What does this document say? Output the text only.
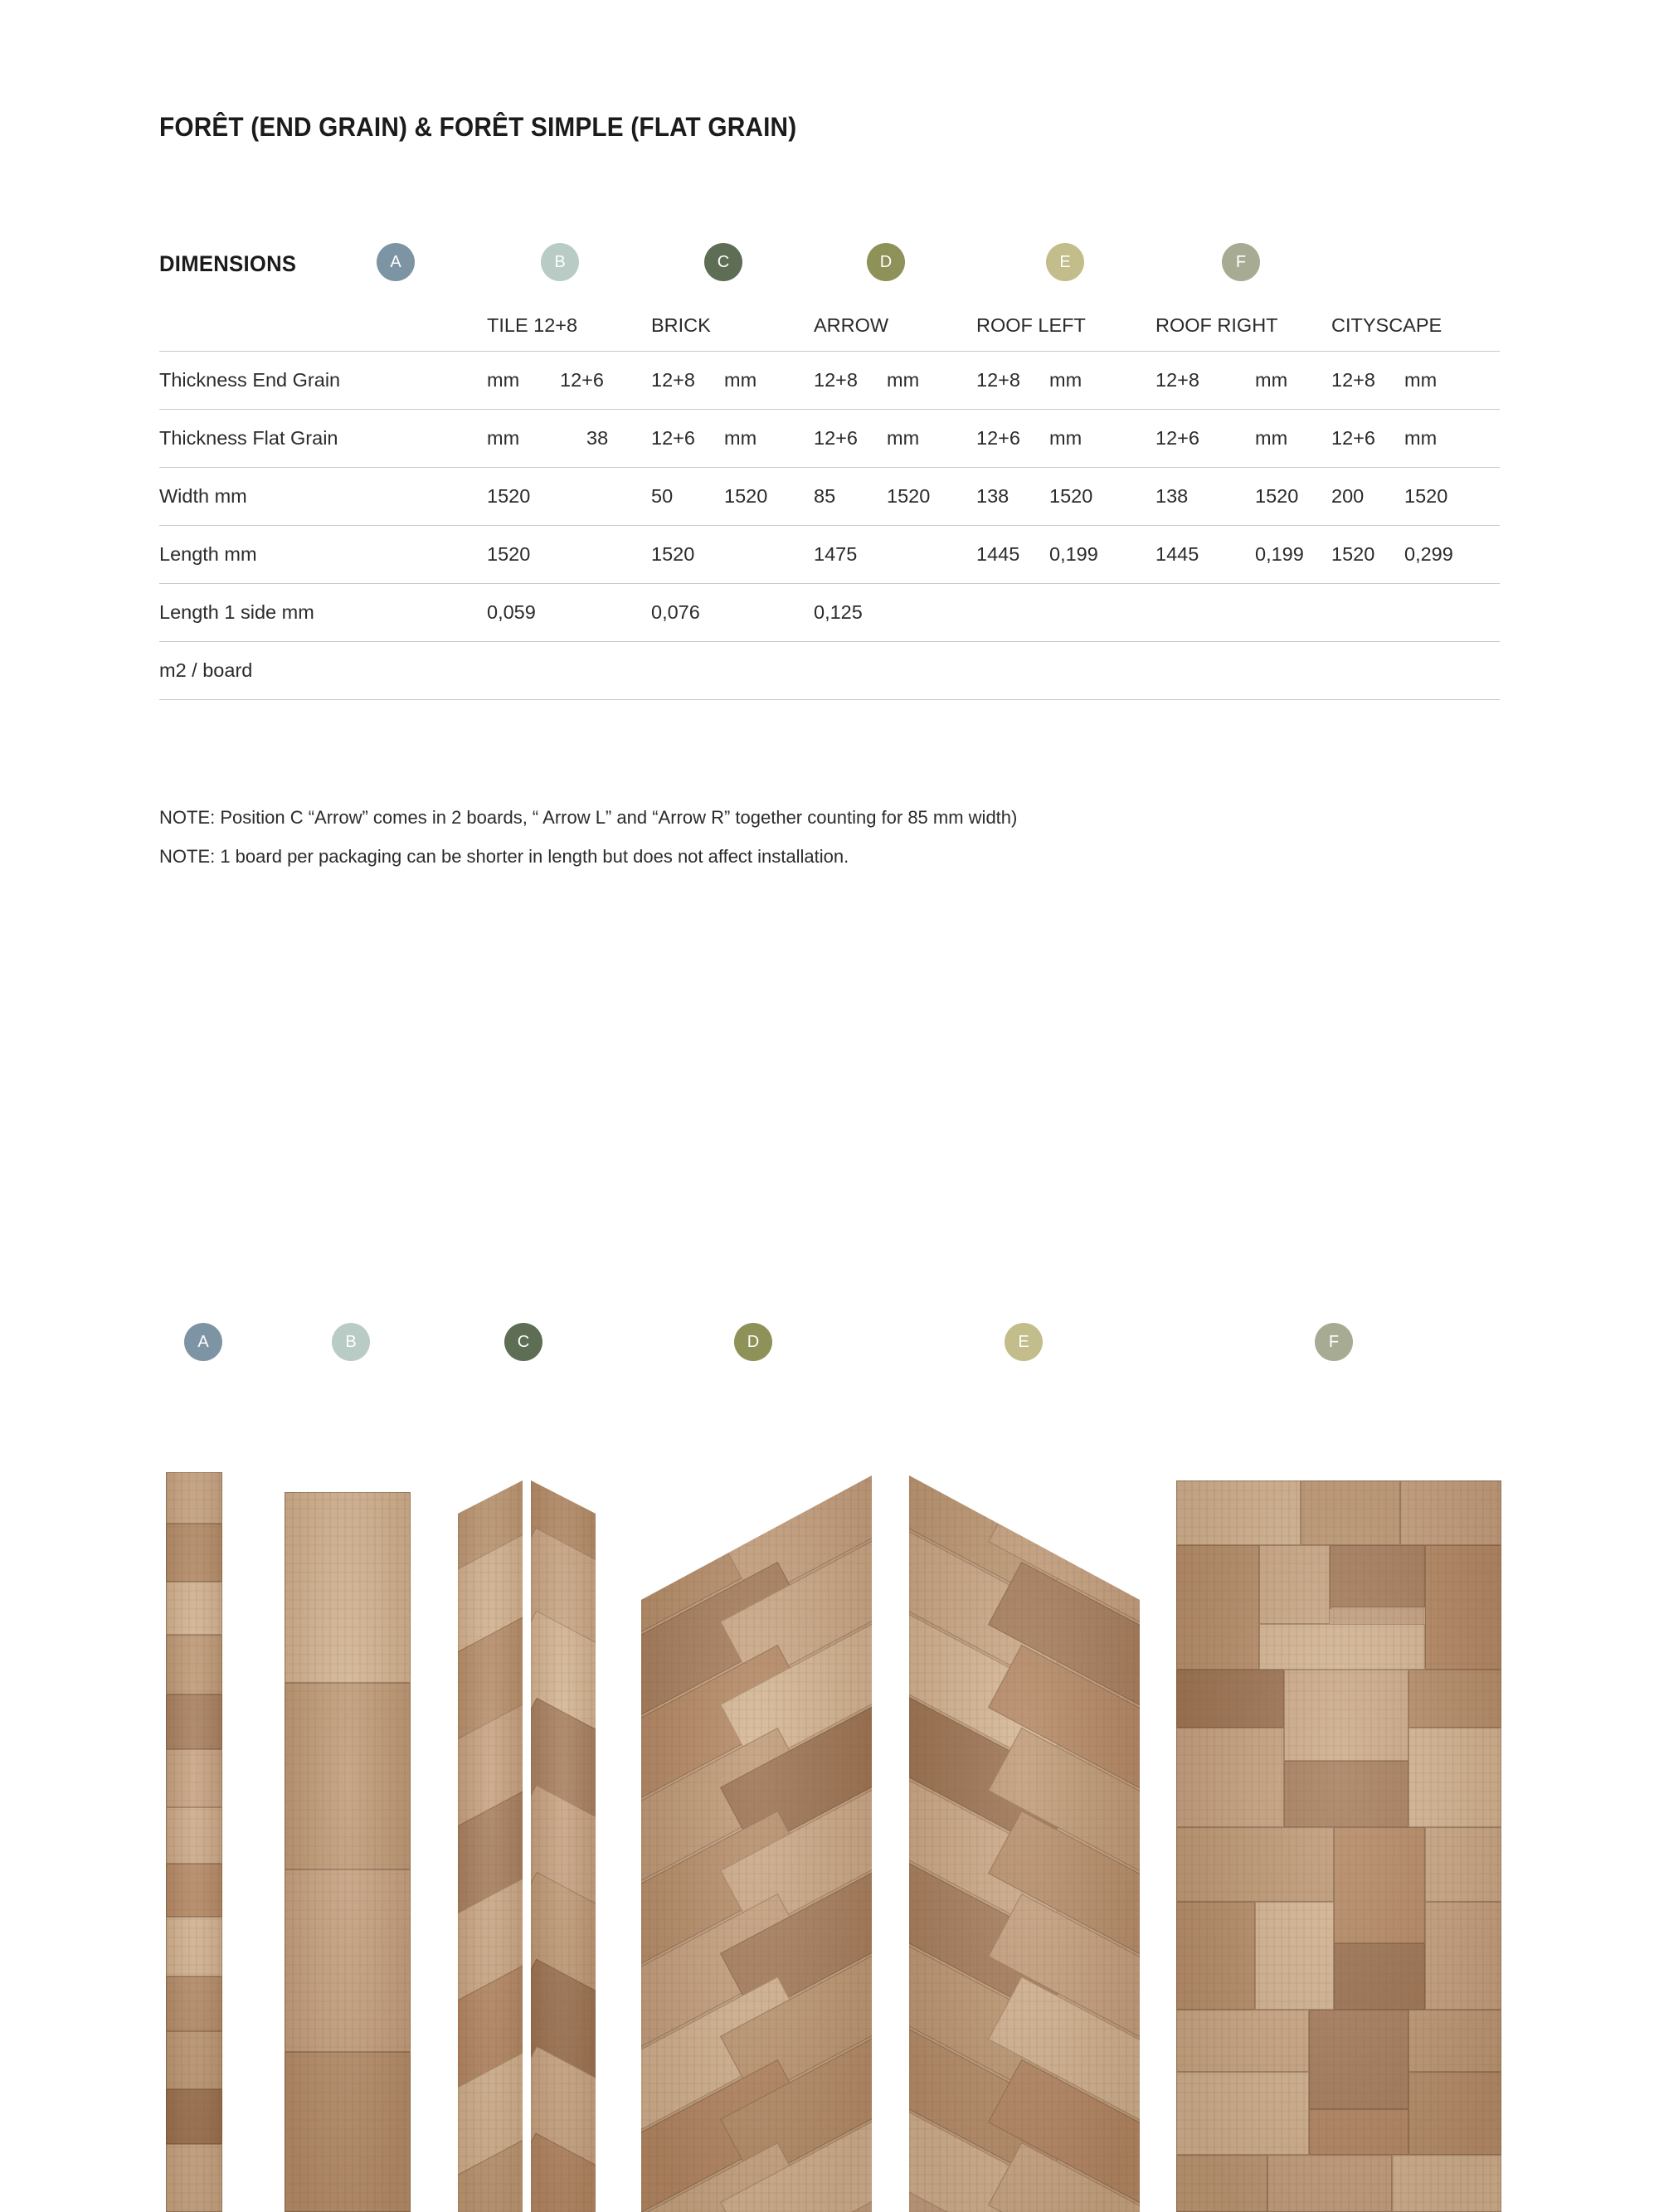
FORÊT (END GRAIN) & FORÊT SIMPLE (FLAT GRAIN)
DIMENSIONS	A	B	C	D	E	F
	TILE 12+8	BRICK	ARROW	ROOF LEFT	ROOF RIGHT	CITYSCAPE
Thickness End Grain	mm 12+6	12+8 mm	12+8 mm	12+8 mm	12+8 mm	12+8 mm
Thickness Flat Grain	mm 38	12+6 mm	12+6 mm	12+6 mm	12+6 mm	12+6 mm
Width mm	1520	50 1520	85 1520	138 1520	138 1520	200 1520
Length mm	1520	1520	1475	1445 0,199	1445 0,199	1520 0,299
Length 1 side mm	0,059	0,076	0,125			
m2 / board						
NOTE: Position C “Arrow” comes in 2 boards, “ Arrow L” and “Arrow R” together counting for 85 mm width)
NOTE: 1 board per packaging can be shorter in length but does not affect installation.
A	B	C	D	E	F
